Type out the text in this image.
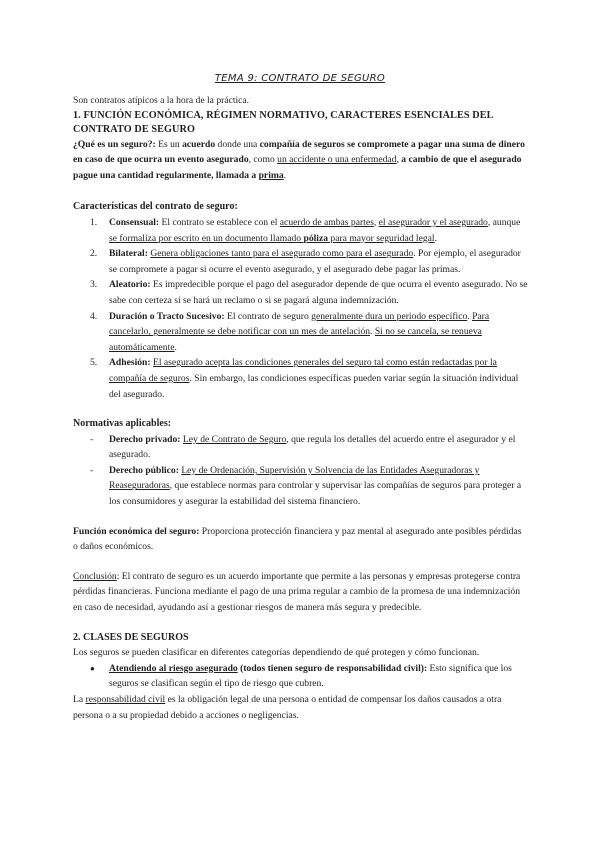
TEMA 9: CONTRATO DE SEGURO

Son contratos atípicos a la hora de la práctica.

1. FUNCIÓN ECONÓMICA, RÉGIMEN NORMATIVO, CARACTERES ESENCIALES DEL CONTRATO DE SEGURO

¿Qué es un seguro?: Es un acuerdo donde una compañía de seguros se compromete a pagar una suma de dinero en caso de que ocurra un evento asegurado, como un accidente o una enfermedad, a cambio de que el asegurado pague una cantidad regularmente, llamada a prima.

Características del contrato de seguro:

1. Consensual: El contrato se establece con el acuerdo de ambas partes, el asegurador y el asegurado, aunque se formaliza por escrito en un documento llamado póliza para mayor seguridad legal.
2. Bilateral: Genera obligaciones tanto para el asegurado como para el asegurado. Por ejemplo, el asegurador se compromete a pagar si ocurre el evento asegurado, y el asegurado debe pagar las primas.
3. Aleatorio: Es impredecible porque el pago del asegurador depende de que ocurra el evento asegurado. No se sabe con certeza si se hará un reclamo o si se pagará alguna indemnización.
4. Duración o Tracto Sucesivo: El contrato de seguro generalmente dura un periodo específico. Para cancelarlo, generalmente se debe notificar con un mes de antelación. Si no se cancela, se renueva automáticamente.
5. Adhesión: El asegurado acepta las condiciones generales del seguro tal como están redactadas por la compañía de seguros. Sin embargo, las condiciones específicas pueden variar según la situación individual del asegurado.

Normativas aplicables:

- Derecho privado: Ley de Contrato de Seguro, que regula los detalles del acuerdo entre el asegurador y el asegurado.
- Derecho público: Ley de Ordenación, Supervisión y Solvencia de las Entidades Aseguradoras y Reaseguradoras, que establece normas para controlar y supervisar las compañías de seguros para proteger a los consumidores y asegurar la estabilidad del sistema financiero.

Función económica del seguro: Proporciona protección financiera y paz mental al asegurado ante posibles pérdidas o daños económicos.

Conclusión: El contrato de seguro es un acuerdo importante que permite a las personas y empresas protegerse contra pérdidas financieras. Funciona mediante el pago de una prima regular a cambio de la promesa de una indemnización en caso de necesidad, ayudando así a gestionar riesgos de manera más segura y predecible.

2. CLASES DE SEGUROS

Los seguros se pueden clasificar en diferentes categorías dependiendo de qué protegen y cómo funcionan.

● Atendiendo al riesgo asegurado (todos tienen seguro de responsabilidad civil): Esto significa que los seguros se clasifican según el tipo de riesgo que cubren.

La responsabilidad civil es la obligación legal de una persona o entidad de compensar los daños causados a otra persona o a su propiedad debido a acciones o negligencias.
